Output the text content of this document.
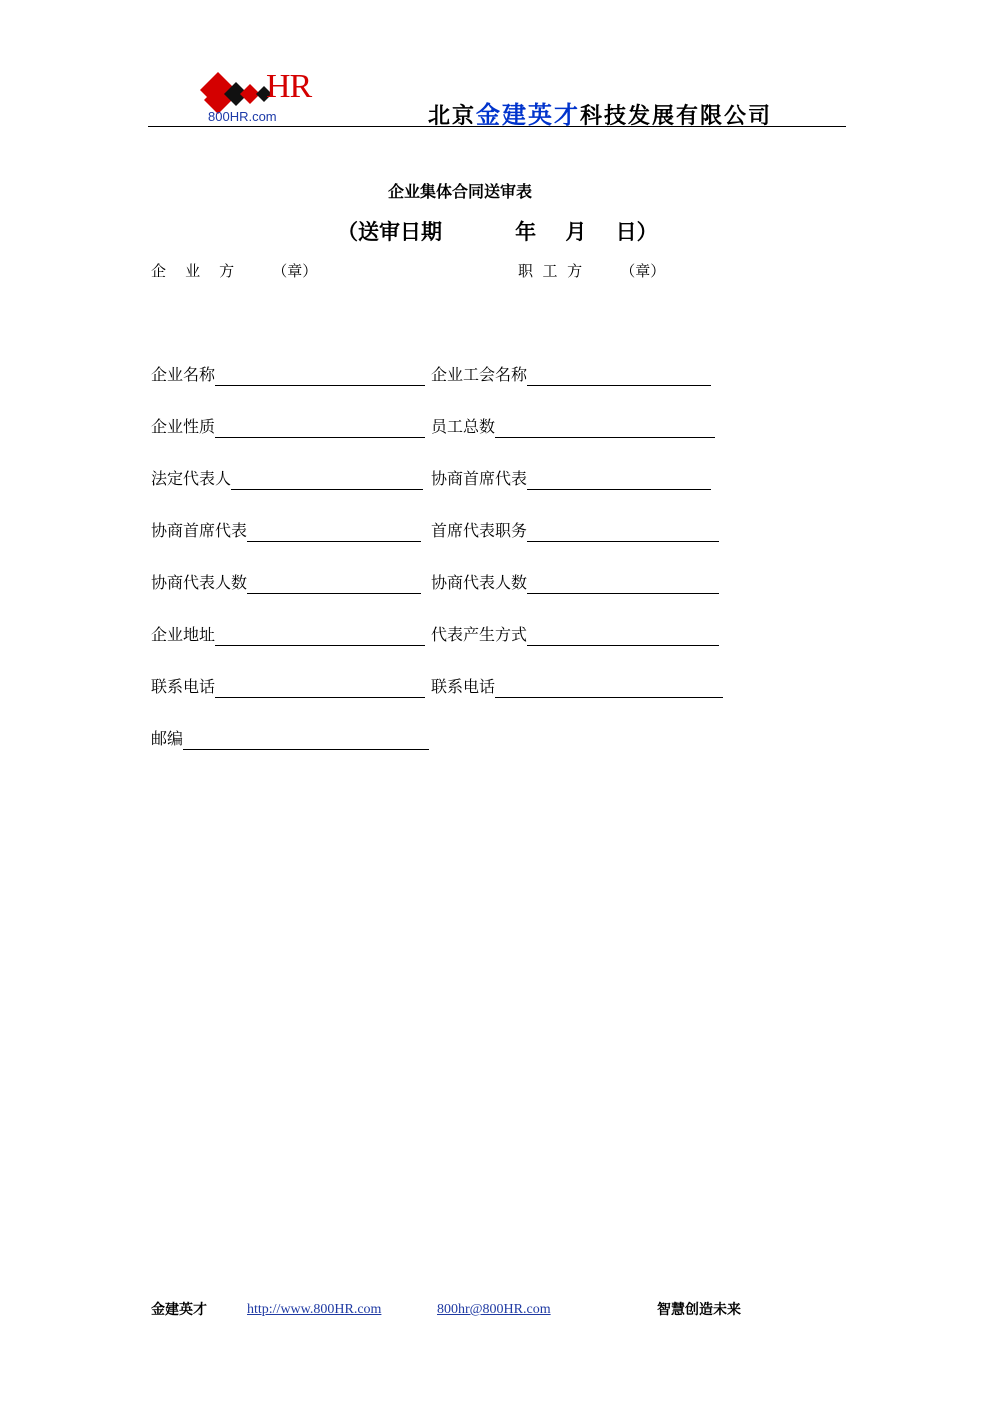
HR
800HR.com	北京金建英才科技发展有限公司
企业集体合同送审表
（送审日期          年    月    日）
企    业    方        （章）	职  工  方        （章）
企业名称	企业工会名称
企业性质	员工总数
法定代表人	协商首席代表
协商首席代表	首席代表职务
协商代表人数	协商代表人数
企业地址	代表产生方式
联系电话	联系电话
邮编
金建英才	http://www.800HR.com	800hr@800HR.com	智慧创造未来
